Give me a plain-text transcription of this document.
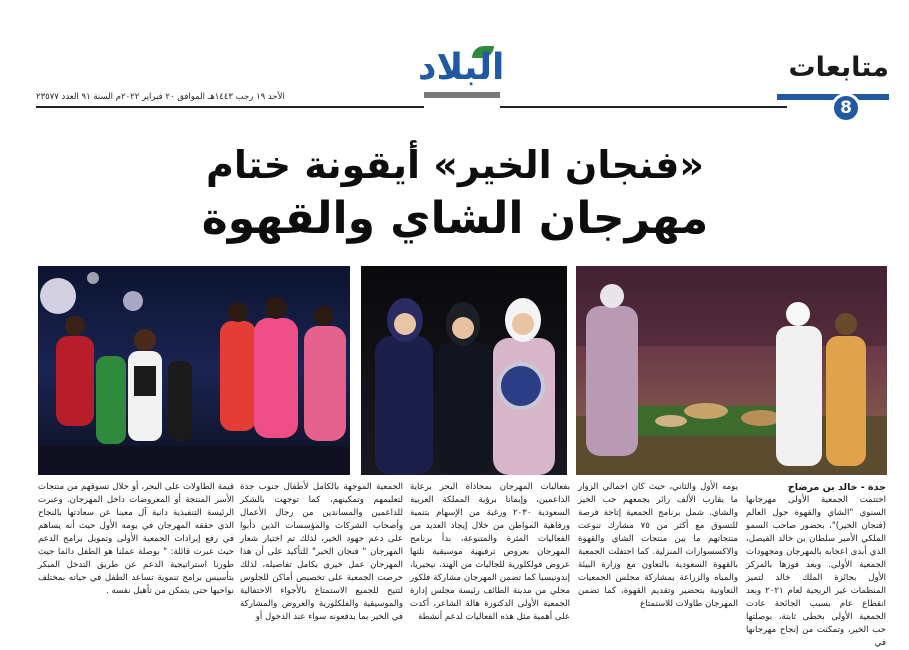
البلاد	متابعات
8
الأحد ١٩ رجب ١٤٤٣هـ الموافق ٢٠ فبراير ٢٠٢٢م السنة ٩١ العدد ٢٣٥٧٧
«فنجان الخير» أيقونة ختام
مهرجان الشاي والقهوة

جدة - خالد بن مرضاح

اختتمت الجمعية الأولى مهرجانها السنوي "الشاي والقهوة حول العالم (فنجان الخير)"، بحضور صاحب السمو الملكي الأمير سلطان بن خالد الفيصل، الذي أبدى اعجابه بالمهرجان ومجهودات الجمعية الأولى. وبعد فوزها بالمركز الأول بجائزة الملك خالد لتميز المنظمات غير الربحية لعام ٢٠٢١ وبعد انقطاع عام بسبب الجائحة عادت الجمعية الأولى بخطى ثابتة، بوصلتها حب الخير، وتمكنت من إنجاح مهرجانها في

يومه الأول والثاني، حيث كان اجمالي الزوار ما يقارب الألف زائر يجمعهم حب الخير والشاي. شمل برنامج الجمعية إتاحة فرصة للتسوق مع أكثر من ٧٥ مشارك تنوعت منتجاتهم ما بين منتجات الشاي والقهوة والاكسسوارات المنزلية. كما احتفلت الجمعية بالقهوة السعودية بالتعاون مع وزارة البيئة والمياه والزراعة بمشاركة مجلس الجمعيات التعاونية بتحضير وتقديم القهوة، كما تضمن المهرجان طاولات للاستمتاع

بفعاليات المهرجان بمحاذاة البحر برعاية الداعمين، وإيمانا برؤية المملكة العربية السعودية ٢٠٣٠ ورغبة من الإسهام بتنمية ورفاهية المواطن من خلال إيجاد العديد من الفعاليات المثرة والمتنوعة، بدأ برنامج المهرجان بعروض ترفيهية موسيقية تلتها عروض فولكلورية للجاليات من الهند، نيجيريا، إندونيسيا كما تضمن المهرجان مشاركة فلكور محلي من مدينة الطائف رئيسة مجلس إدارة الجمعية الأولى الدكتورة هالة الشاعر، أكدت على أهمية مثل هذه الفعاليات لدعم أنشطة

الجمعية الموجهة بالكامل لأطفال جنوب جدة لتعليمهم وتمكينهم، كما توجهت بالشكر للداعمين والمساندين من رجال الأعمال وأصحاب الشركات والمؤسسات الذين دأبوا على دعم جهود الخير، لذلك تم اختيار شعار المهرجان " فنجان الخير" للتأكيد على أن هذا المهرجان عمل خيري بكامل تفاصيله، لذلك حرصت الجمعية على تخصيص أماكن للجلوس لتتيح للجميع الاستمتاع بالأجواء الاحتفالية والموسيقية والفلكلورية والعروض والمشاركة في الخير بما يدفعونه سواء عند الدخول أو

قيمة الطاولات على البحر، أو خلال تسوقهم من منتجات الأسر المنتجة أو المعروضات داخل المهرجان. وعبرت الرئيسة التنفيذية دانية آل معينا عن سعادتها بالنجاح الذي حققه المهرجان في يومه الأول حيث أنه يساهم في رفع إيرادات الجمعية الأولى وتمويل برامج الدعم حيث عبرت قائلة: " بوصلة عملنا هو الطفل دائما حيث طورنا استراتيجية الدعم عن طريق التدخل المبكر بتأسيس برامج تنموية تساعد الطفل في حياته بمختلف نواحيها حتى يتمكن من تأهيل نفسه .
